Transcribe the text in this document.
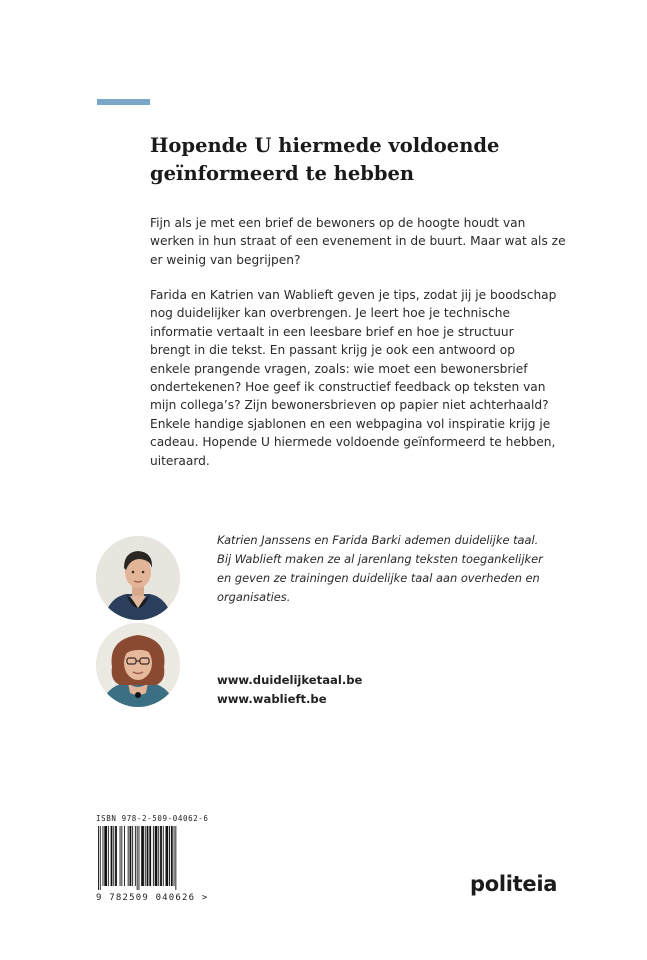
Hopende U hiermede voldoende
geïnformeerd te hebben
Fijn als je met een brief de bewoners op de hoogte houdt van
werken in hun straat of een evenement in de buurt. Maar wat als ze
er weinig van begrijpen?
Farida en Katrien van Wablieft geven je tips, zodat jij je boodschap
nog duidelijker kan overbrengen. Je leert hoe je technische
informatie vertaalt in een leesbare brief en hoe je structuur
brengt in die tekst. En passant krijg je ook een antwoord op
enkele prangende vragen, zoals: wie moet een bewonersbrief
ondertekenen? Hoe geef ik constructief feedback op teksten van
mijn collega’s? Zijn bewonersbrieven op papier niet achterhaald?
Enkele handige sjablonen en een webpagina vol inspiratie krijg je
cadeau. Hopende U hiermede voldoende geïnformeerd te hebben,
uiteraard.
Katrien Janssens en Farida Barki ademen duidelijke taal.
Bij Wablieft maken ze al jarenlang teksten toegankelijker
en geven ze trainingen duidelijke taal aan overheden en
organisaties.
www.duidelijketaal.be
www.wablieft.be
ISBN 978-2-509-04062-6
9 782509 040626 >
politeia
